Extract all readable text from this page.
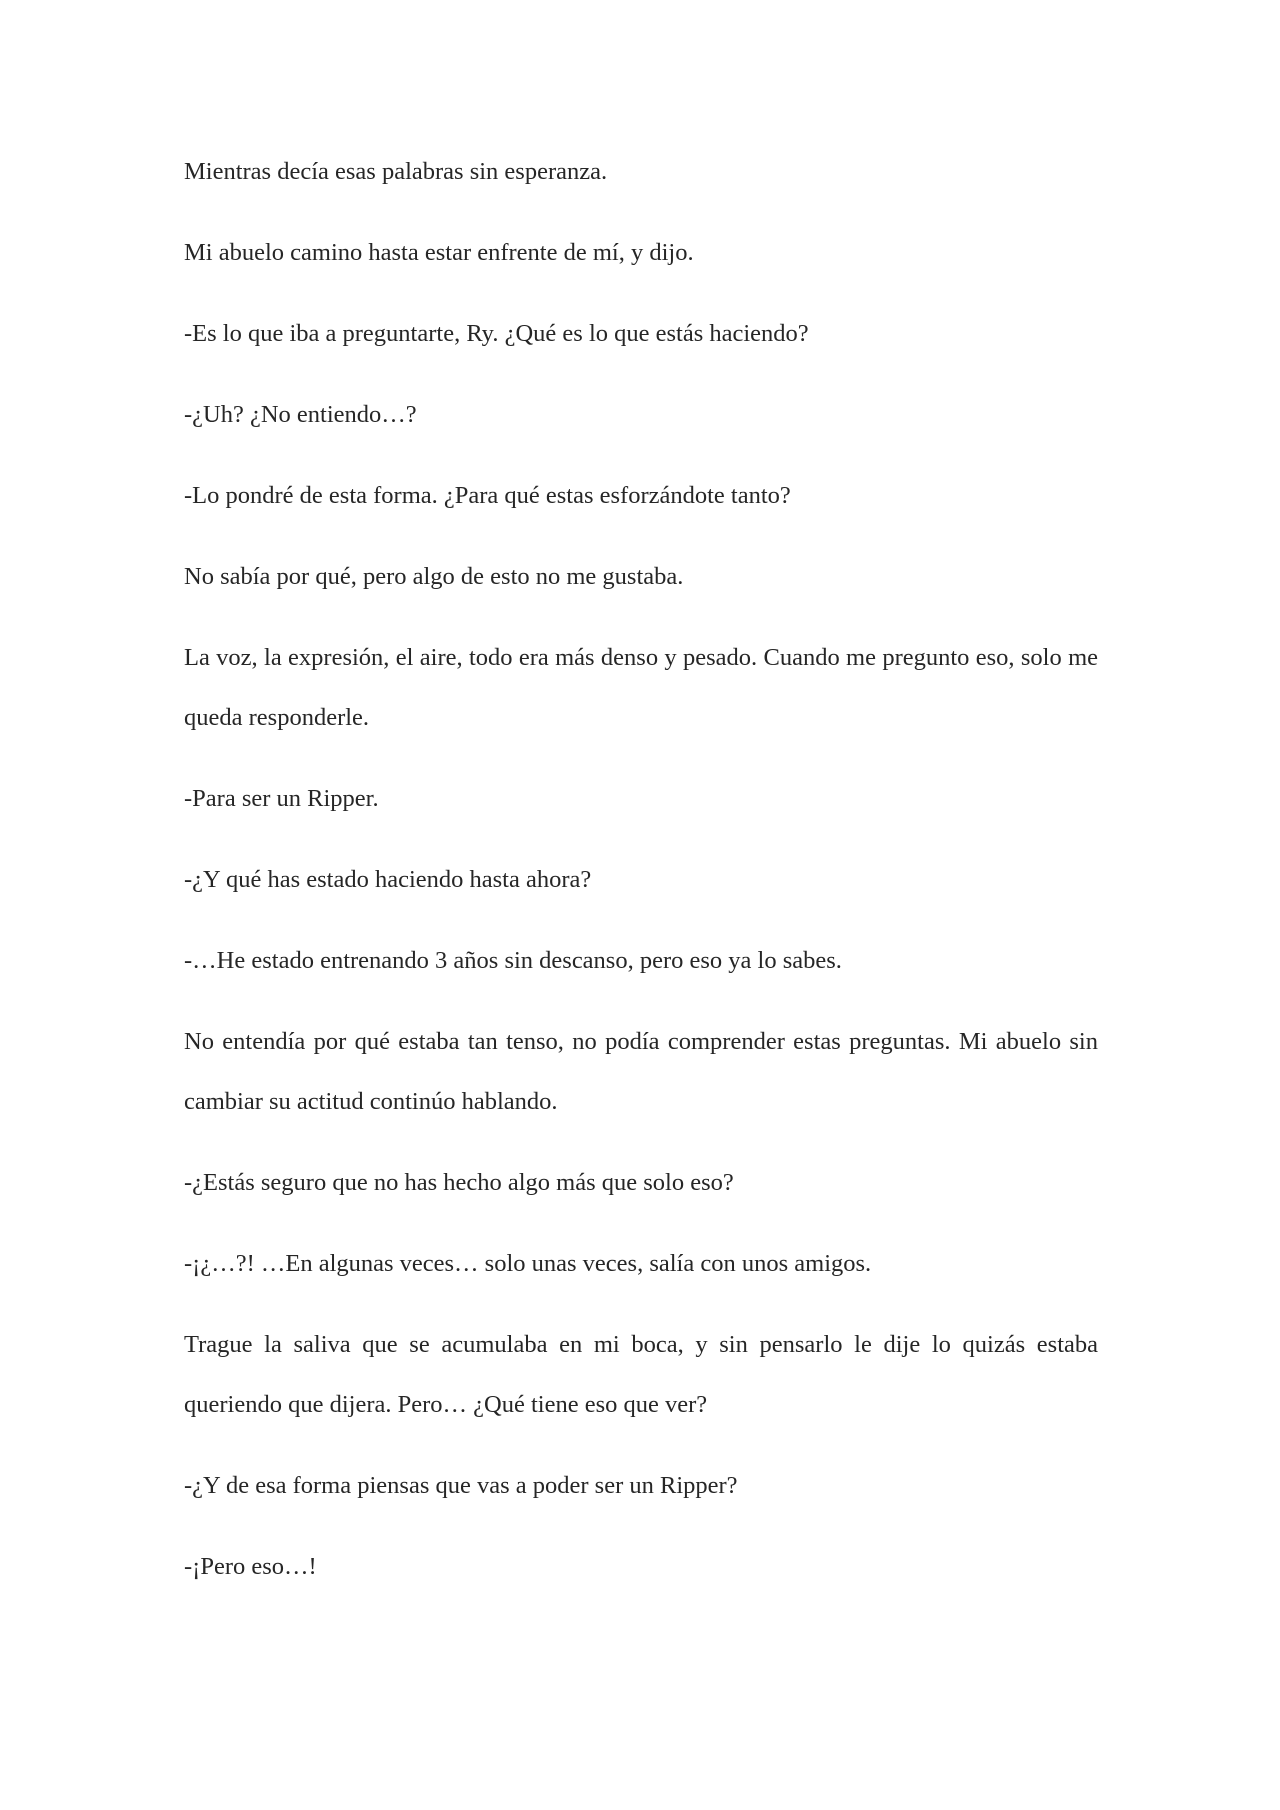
Mientras decía esas palabras sin esperanza.

Mi abuelo camino hasta estar enfrente de mí, y dijo.

-Es lo que iba a preguntarte, Ry. ¿Qué es lo que estás haciendo?

-¿Uh? ¿No entiendo…?

-Lo pondré de esta forma. ¿Para qué estas esforzándote tanto?

No sabía por qué, pero algo de esto no me gustaba.

La voz, la expresión, el aire, todo era más denso y pesado. Cuando me pregunto eso, solo me queda responderle.

-Para ser un Ripper.

-¿Y qué has estado haciendo hasta ahora?

-…He estado entrenando 3 años sin descanso, pero eso ya lo sabes.

No entendía por qué estaba tan tenso, no podía comprender estas preguntas. Mi abuelo sin cambiar su actitud continúo hablando.

-¿Estás seguro que no has hecho algo más que solo eso?

-¡¿…?! …En algunas veces… solo unas veces, salía con unos amigos.

Trague la saliva que se acumulaba en mi boca, y sin pensarlo le dije lo quizás estaba queriendo que dijera. Pero… ¿Qué tiene eso que ver?

-¿Y de esa forma piensas que vas a poder ser un Ripper?

-¡Pero eso…!
